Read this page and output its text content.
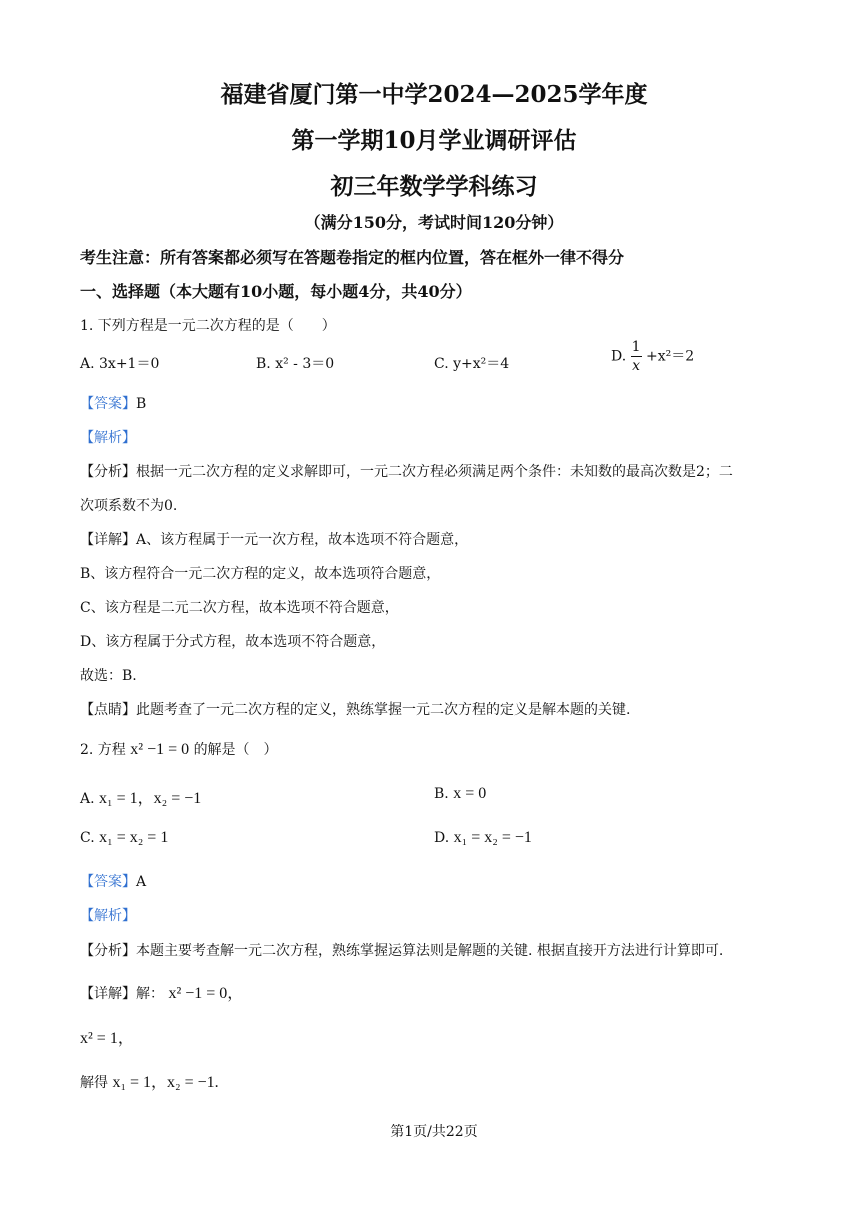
福建省厦门第一中学2024—2025学年度
第一学期10月学业调研评估
初三年数学学科练习
（满分150分，考试时间120分钟）
考生注意：所有答案都必须写在答题卷指定的框内位置，答在框外一律不得分
一、选择题（本大题有10小题，每小题4分，共40分）
1. 下列方程是一元二次方程的是（　　）
A. 3x+1＝0	B. x² - 3＝0	C. y+x²＝4	D. $\frac{1}{x} +x^2=2$
【答案】B
【解析】
【分析】根据一元二次方程的定义求解即可，一元二次方程必须满足两个条件：未知数的最高次数是2；二
次项系数不为0.
【详解】A、该方程属于一元一次方程，故本选项不符合题意，
B、该方程符合一元二次方程的定义，故本选项符合题意，
C、该方程是二元二次方程，故本选项不符合题意，
D、该方程属于分式方程，故本选项不符合题意，
故选：B.
【点睛】此题考查了一元二次方程的定义，熟练掌握一元二次方程的定义是解本题的关键.
2. 方程 x² −1 = 0 的解是（　）
A. x₁ = 1，x₂ = −1	B. x = 0
C. x₁ = x₂ = 1	D. x₁ = x₂ = −1
【答案】A
【解析】
【分析】本题主要考查解一元二次方程，熟练掌握运算法则是解题的关键. 根据直接开方法进行计算即可.
【详解】解： x² −1 = 0，
x² = 1，
解得 x₁ = 1，x₂ = −1.
第1页/共22页
